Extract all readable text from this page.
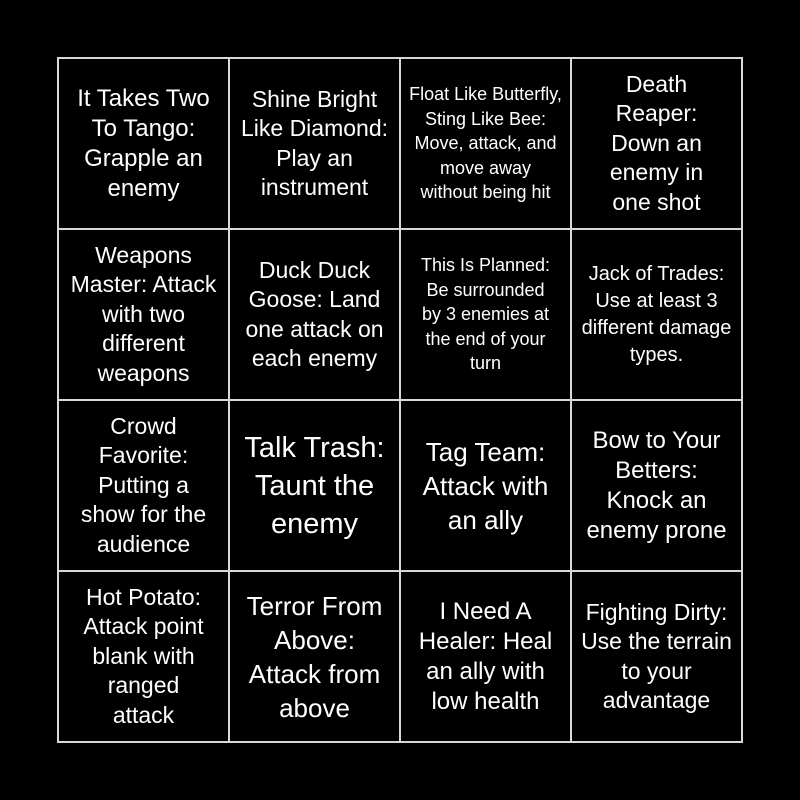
It Takes Two To Tango: Grapple an enemy
Shine Bright Like Diamond: Play an instrument
Float Like Butterfly, Sting Like Bee: Move, attack, and move away without being hit
Death Reaper: Down an enemy in one shot
Weapons Master: Attack with two different weapons
Duck Duck Goose: Land one attack on each enemy
This Is Planned: Be surrounded by 3 enemies at the end of your turn
Jack of Trades: Use at least 3 different damage types.
Crowd Favorite: Putting a show for the audience
Talk Trash: Taunt the enemy
Tag Team: Attack with an ally
Bow to Your Betters: Knock an enemy prone
Hot Potato: Attack point blank with ranged attack
Terror From Above: Attack from above
I Need A Healer: Heal an ally with low health
Fighting Dirty: Use the terrain to your advantage
